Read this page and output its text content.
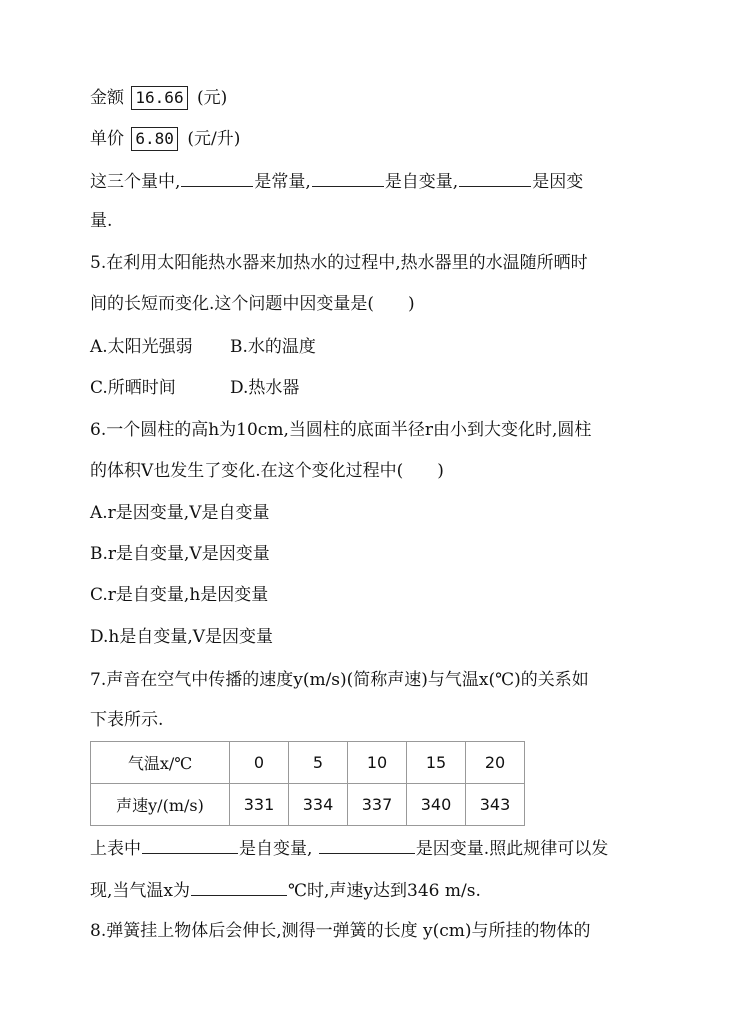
金额 16.66 (元)
单价 6.80 (元/升)
这三个量中,	是常量,	是自变量,	是因变
量.
5.在利用太阳能热水器来加热水的过程中,热水器里的水温随所晒时
间的长短而变化.这个问题中因变量是(　　)
A.太阳光强弱 B.水的温度
C.所晒时间	D.热水器
6.一个圆柱的高h为10cm,当圆柱的底面半径r由小到大变化时,圆柱
的体积V也发生了变化.在这个变化过程中(　　)
A.r是因变量,V是自变量
B.r是自变量,V是因变量
C.r是自变量,h是因变量
D.h是自变量,V是因变量
7.声音在空气中传播的速度y(m/s)(简称声速)与气温x(℃)的关系如
下表所示.
气温x/℃	0	5	10	15	20
声速y/(m/s)	331	334	337	340	343
上表中	是自变量,	是因变量.照此规律可以发
现,当气温x为	℃时,声速y达到346 m/s.
8.弹簧挂上物体后会伸长,测得一弹簧的长度 y(cm)与所挂的物体的
